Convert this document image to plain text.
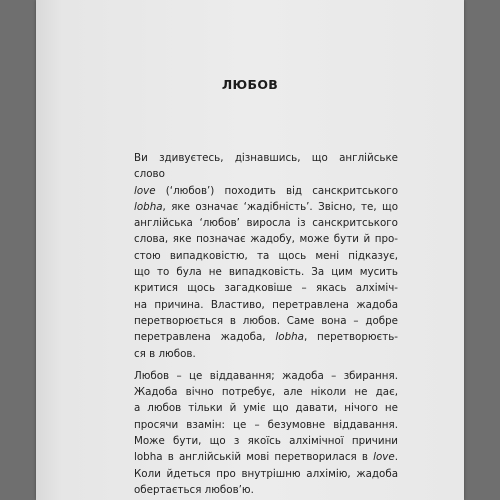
ЛЮБОВ
Ви здивуєтесь, дізнавшись, що англійське слово
love (‘любов’) походить від санскритського
lobha, яке означає ‘жадібність’. Звісно, те, що
англійська ‘любов’ виросла із санскритського
слова, яке позначає жадобу, може бути й про-
стою випадковістю, та щось мені підказує,
що то була не випадковість. За цим мусить
критися щось загадковіше – якась алхіміч-
на причина. Властиво, перетравлена жадоба
перетворюється в любов. Саме вона – добре
перетравлена жадоба, lobha, перетворюєть-
ся в любов.
Любов – це віддавання; жадоба – збирання.
Жадоба вічно потребує, але ніколи не дає,
а любов тільки й уміє що давати, нічого не
просячи взамін: це – безумовне віддавання.
Може бути, що з якоїсь алхімічної причини
lobha в англійській мові перетворилася в love.
Коли йдеться про внутрішню алхімію, жадоба
обертається любов’ю.
